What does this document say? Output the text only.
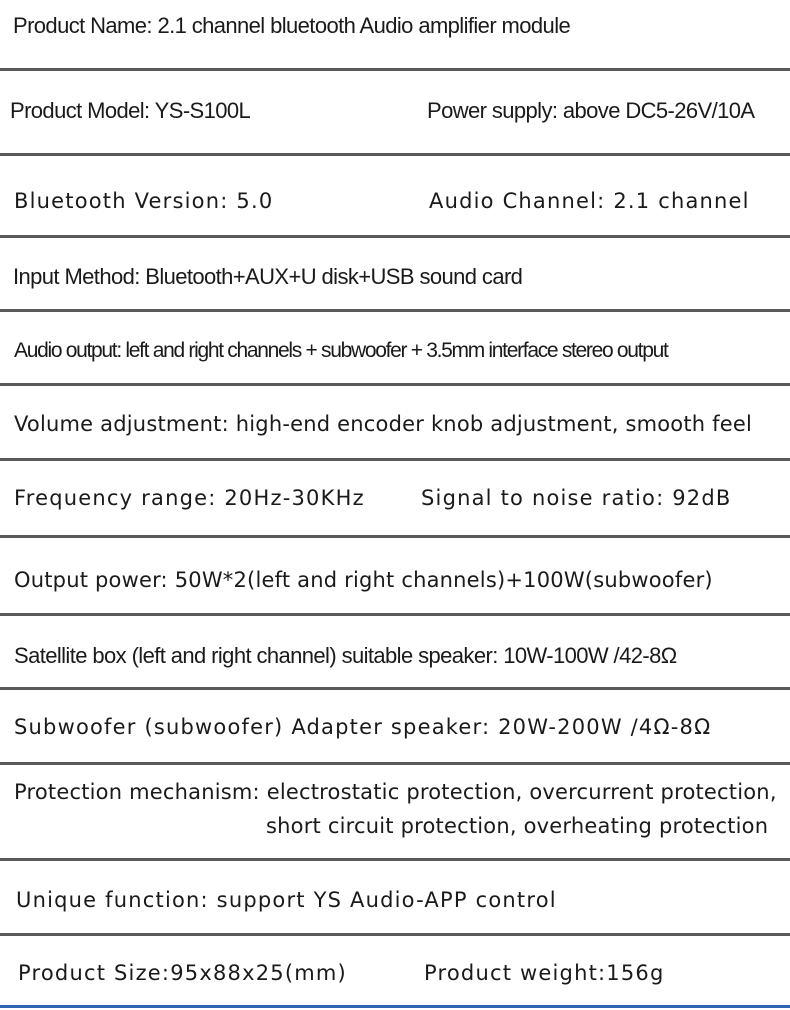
Product Name: 2.1 channel bluetooth Audio amplifier module
Product Model: YS-S100L	Power supply: above DC5-26V/10A
Bluetooth Version: 5.0	Audio Channel: 2.1 channel
Input Method: Bluetooth+AUX+U disk+USB sound card
Audio output: left and right channels + subwoofer + 3.5mm interface stereo output
Volume adjustment: high-end encoder knob adjustment, smooth feel
Frequency range: 20Hz-30KHz	Signal to noise ratio: 92dB
Output power: 50W*2(left and right channels)+100W(subwoofer)
Satellite box (left and right channel) suitable speaker: 10W-100W /42-8Ω
Subwoofer (subwoofer) Adapter speaker: 20W-200W /4Ω-8Ω
Protection mechanism: electrostatic protection, overcurrent protection,
short circuit protection, overheating protection
Unique function: support YS Audio-APP control
Product Size:95x88x25(mm)	Product weight:156g
